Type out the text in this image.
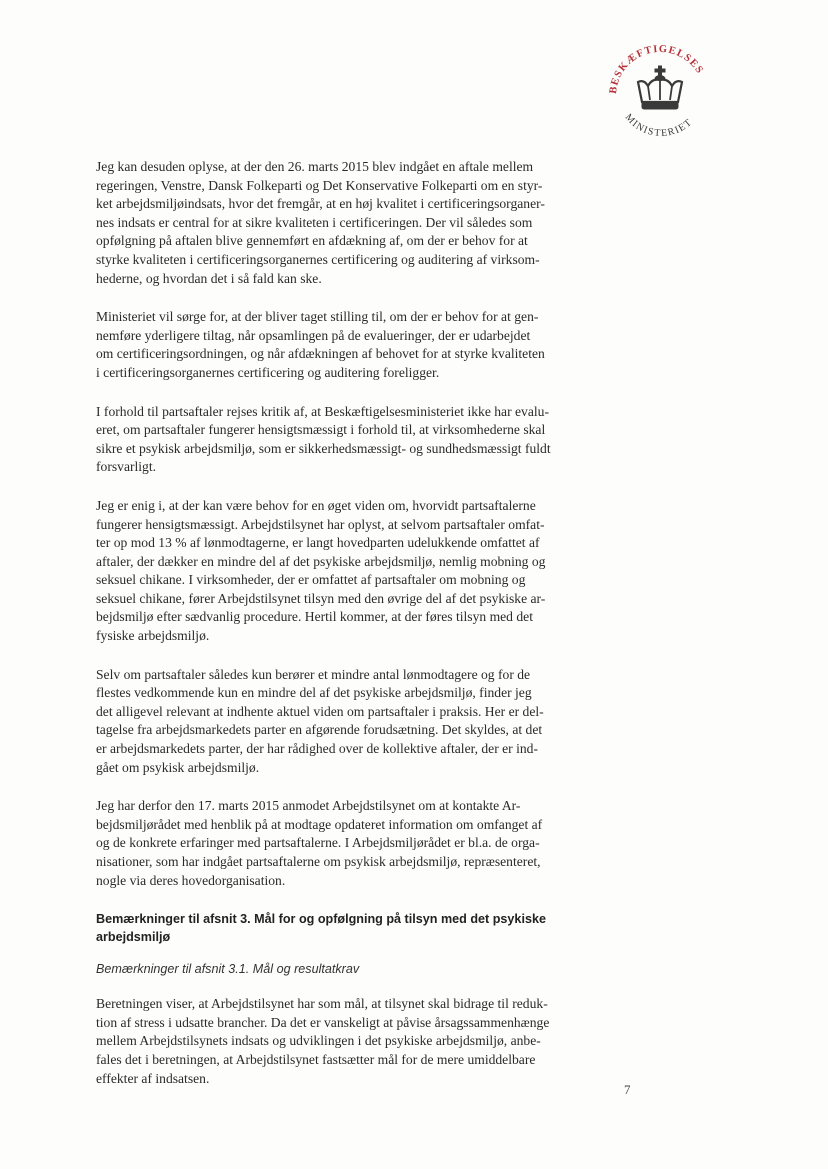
BESKÆFTIGELSES
MINISTERIET
Jeg kan desuden oplyse, at der den 26. marts 2015 blev indgået en aftale mellem
regeringen, Venstre, Dansk Folkeparti og Det Konservative Folkeparti om en styr-
ket arbejdsmiljøindsats, hvor det fremgår, at en høj kvalitet i certificeringsorganer-
nes indsats er central for at sikre kvaliteten i certificeringen. Der vil således som
opfølgning på aftalen blive gennemført en afdækning af, om der er behov for at
styrke kvaliteten i certificeringsorganernes certificering og auditering af virksom-
hederne, og hvordan det i så fald kan ske.
Ministeriet vil sørge for, at der bliver taget stilling til, om der er behov for at gen-
nemføre yderligere tiltag, når opsamlingen på de evalueringer, der er udarbejdet
om certificeringsordningen, og når afdækningen af behovet for at styrke kvaliteten
i certificeringsorganernes certificering og auditering foreligger.
I forhold til partsaftaler rejses kritik af, at Beskæftigelsesministeriet ikke har evalu-
eret, om partsaftaler fungerer hensigtsmæssigt i forhold til, at virksomhederne skal
sikre et psykisk arbejdsmiljø, som er sikkerhedsmæssigt- og sundhedsmæssigt fuldt
forsvarligt.
Jeg er enig i, at der kan være behov for en øget viden om, hvorvidt partsaftalerne
fungerer hensigtsmæssigt. Arbejdstilsynet har oplyst, at selvom partsaftaler omfat-
ter op mod 13 % af lønmodtagerne, er langt hovedparten udelukkende omfattet af
aftaler, der dækker en mindre del af det psykiske arbejdsmiljø, nemlig mobning og
seksuel chikane. I virksomheder, der er omfattet af partsaftaler om mobning og
seksuel chikane, fører Arbejdstilsynet tilsyn med den øvrige del af det psykiske ar-
bejdsmiljø efter sædvanlig procedure. Hertil kommer, at der føres tilsyn med det
fysiske arbejdsmiljø.
Selv om partsaftaler således kun berører et mindre antal lønmodtagere og for de
flestes vedkommende kun en mindre del af det psykiske arbejdsmiljø, finder jeg
det alligevel relevant at indhente aktuel viden om partsaftaler i praksis. Her er del-
tagelse fra arbejdsmarkedets parter en afgørende forudsætning. Det skyldes, at det
er arbejdsmarkedets parter, der har rådighed over de kollektive aftaler, der er ind-
gået om psykisk arbejdsmiljø.
Jeg har derfor den 17. marts 2015 anmodet Arbejdstilsynet om at kontakte Ar-
bejdsmiljørådet med henblik på at modtage opdateret information om omfanget af
og de konkrete erfaringer med partsaftalerne. I Arbejdsmiljørådet er bl.a. de orga-
nisationer, som har indgået partsaftalerne om psykisk arbejdsmiljø, repræsenteret,
nogle via deres hovedorganisation.
Bemærkninger til afsnit 3. Mål for og opfølgning på tilsyn med det psykiske
arbejdsmiljø
Bemærkninger til afsnit 3.1. Mål og resultatkrav
Beretningen viser, at Arbejdstilsynet har som mål, at tilsynet skal bidrage til reduk-
tion af stress i udsatte brancher. Da det er vanskeligt at påvise årsagssammenhænge
mellem Arbejdstilsynets indsats og udviklingen i det psykiske arbejdsmiljø, anbe-
fales det i beretningen, at Arbejdstilsynet fastsætter mål for de mere umiddelbare
effekter af indsatsen.
7
